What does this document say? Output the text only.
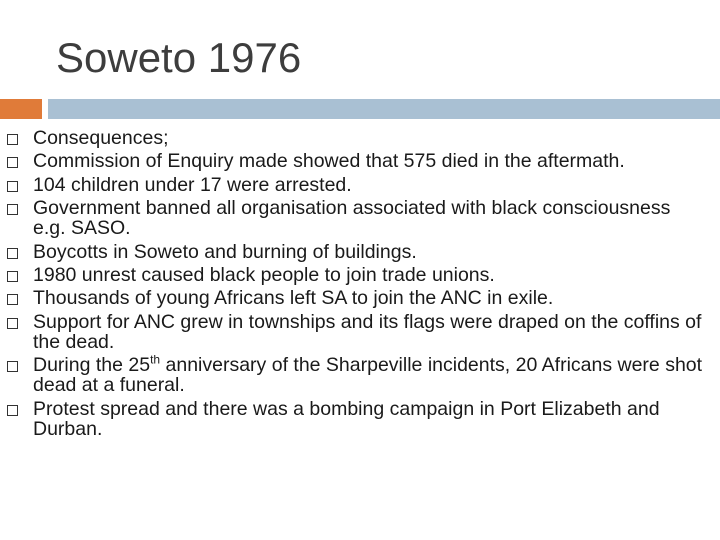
Soweto 1976
Consequences;
Commission of Enquiry made showed that 575 died in the aftermath.
104 children under 17 were arrested.
Government banned all organisation associated with black consciousness e.g. SASO.
Boycotts in Soweto and burning of buildings.
1980 unrest caused black people to join trade unions.
Thousands of young Africans left SA to join the ANC in exile.
Support for ANC grew in townships and its flags were draped on the coffins of the dead.
During the 25th anniversary of the Sharpeville incidents, 20 Africans were shot dead at a funeral.
Protest spread and there was a bombing campaign in Port Elizabeth and Durban.
